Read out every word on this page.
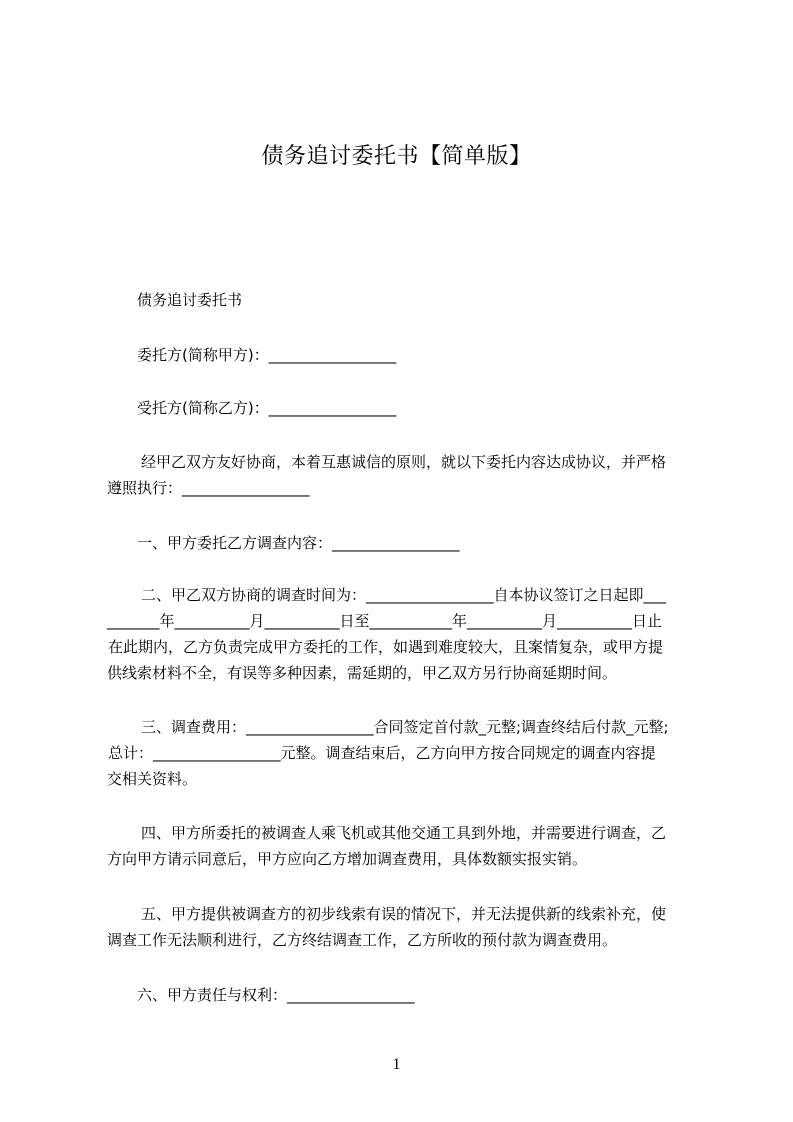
债务追讨委托书【简单版】
债务追讨委托书
委托方(简称甲方)：_________________
受托方(简称乙方)：_________________
经甲乙双方友好协商，本着互惠诚信的原则，就以下委托内容达成协议，并严格
遵照执行：_________________
一、甲方委托乙方调查内容：_________________
二、甲乙双方协商的调查时间为：_________________自本协议签订之日起即___
_______年__________月__________日至___________年__________月__________日止
在此期内，乙方负责完成甲方委托的工作，如遇到难度较大，且案情复杂，或甲方提
供线索材料不全，有误等多种因素，需延期的，甲乙双方另行协商延期时间。
三、调查费用：_________________合同签定首付款_元整;调查终结后付款_元整;
总计：_________________元整。调查结束后，乙方向甲方按合同规定的调查内容提
交相关资料。
四、甲方所委托的被调查人乘飞机或其他交通工具到外地，并需要进行调查，乙
方向甲方请示同意后，甲方应向乙方增加调查费用，具体数额实报实销。
五、甲方提供被调查方的初步线索有误的情况下，并无法提供新的线索补充，使
调查工作无法顺利进行，乙方终结调查工作，乙方所收的预付款为调查费用。
六、甲方责任与权利：_________________
1
